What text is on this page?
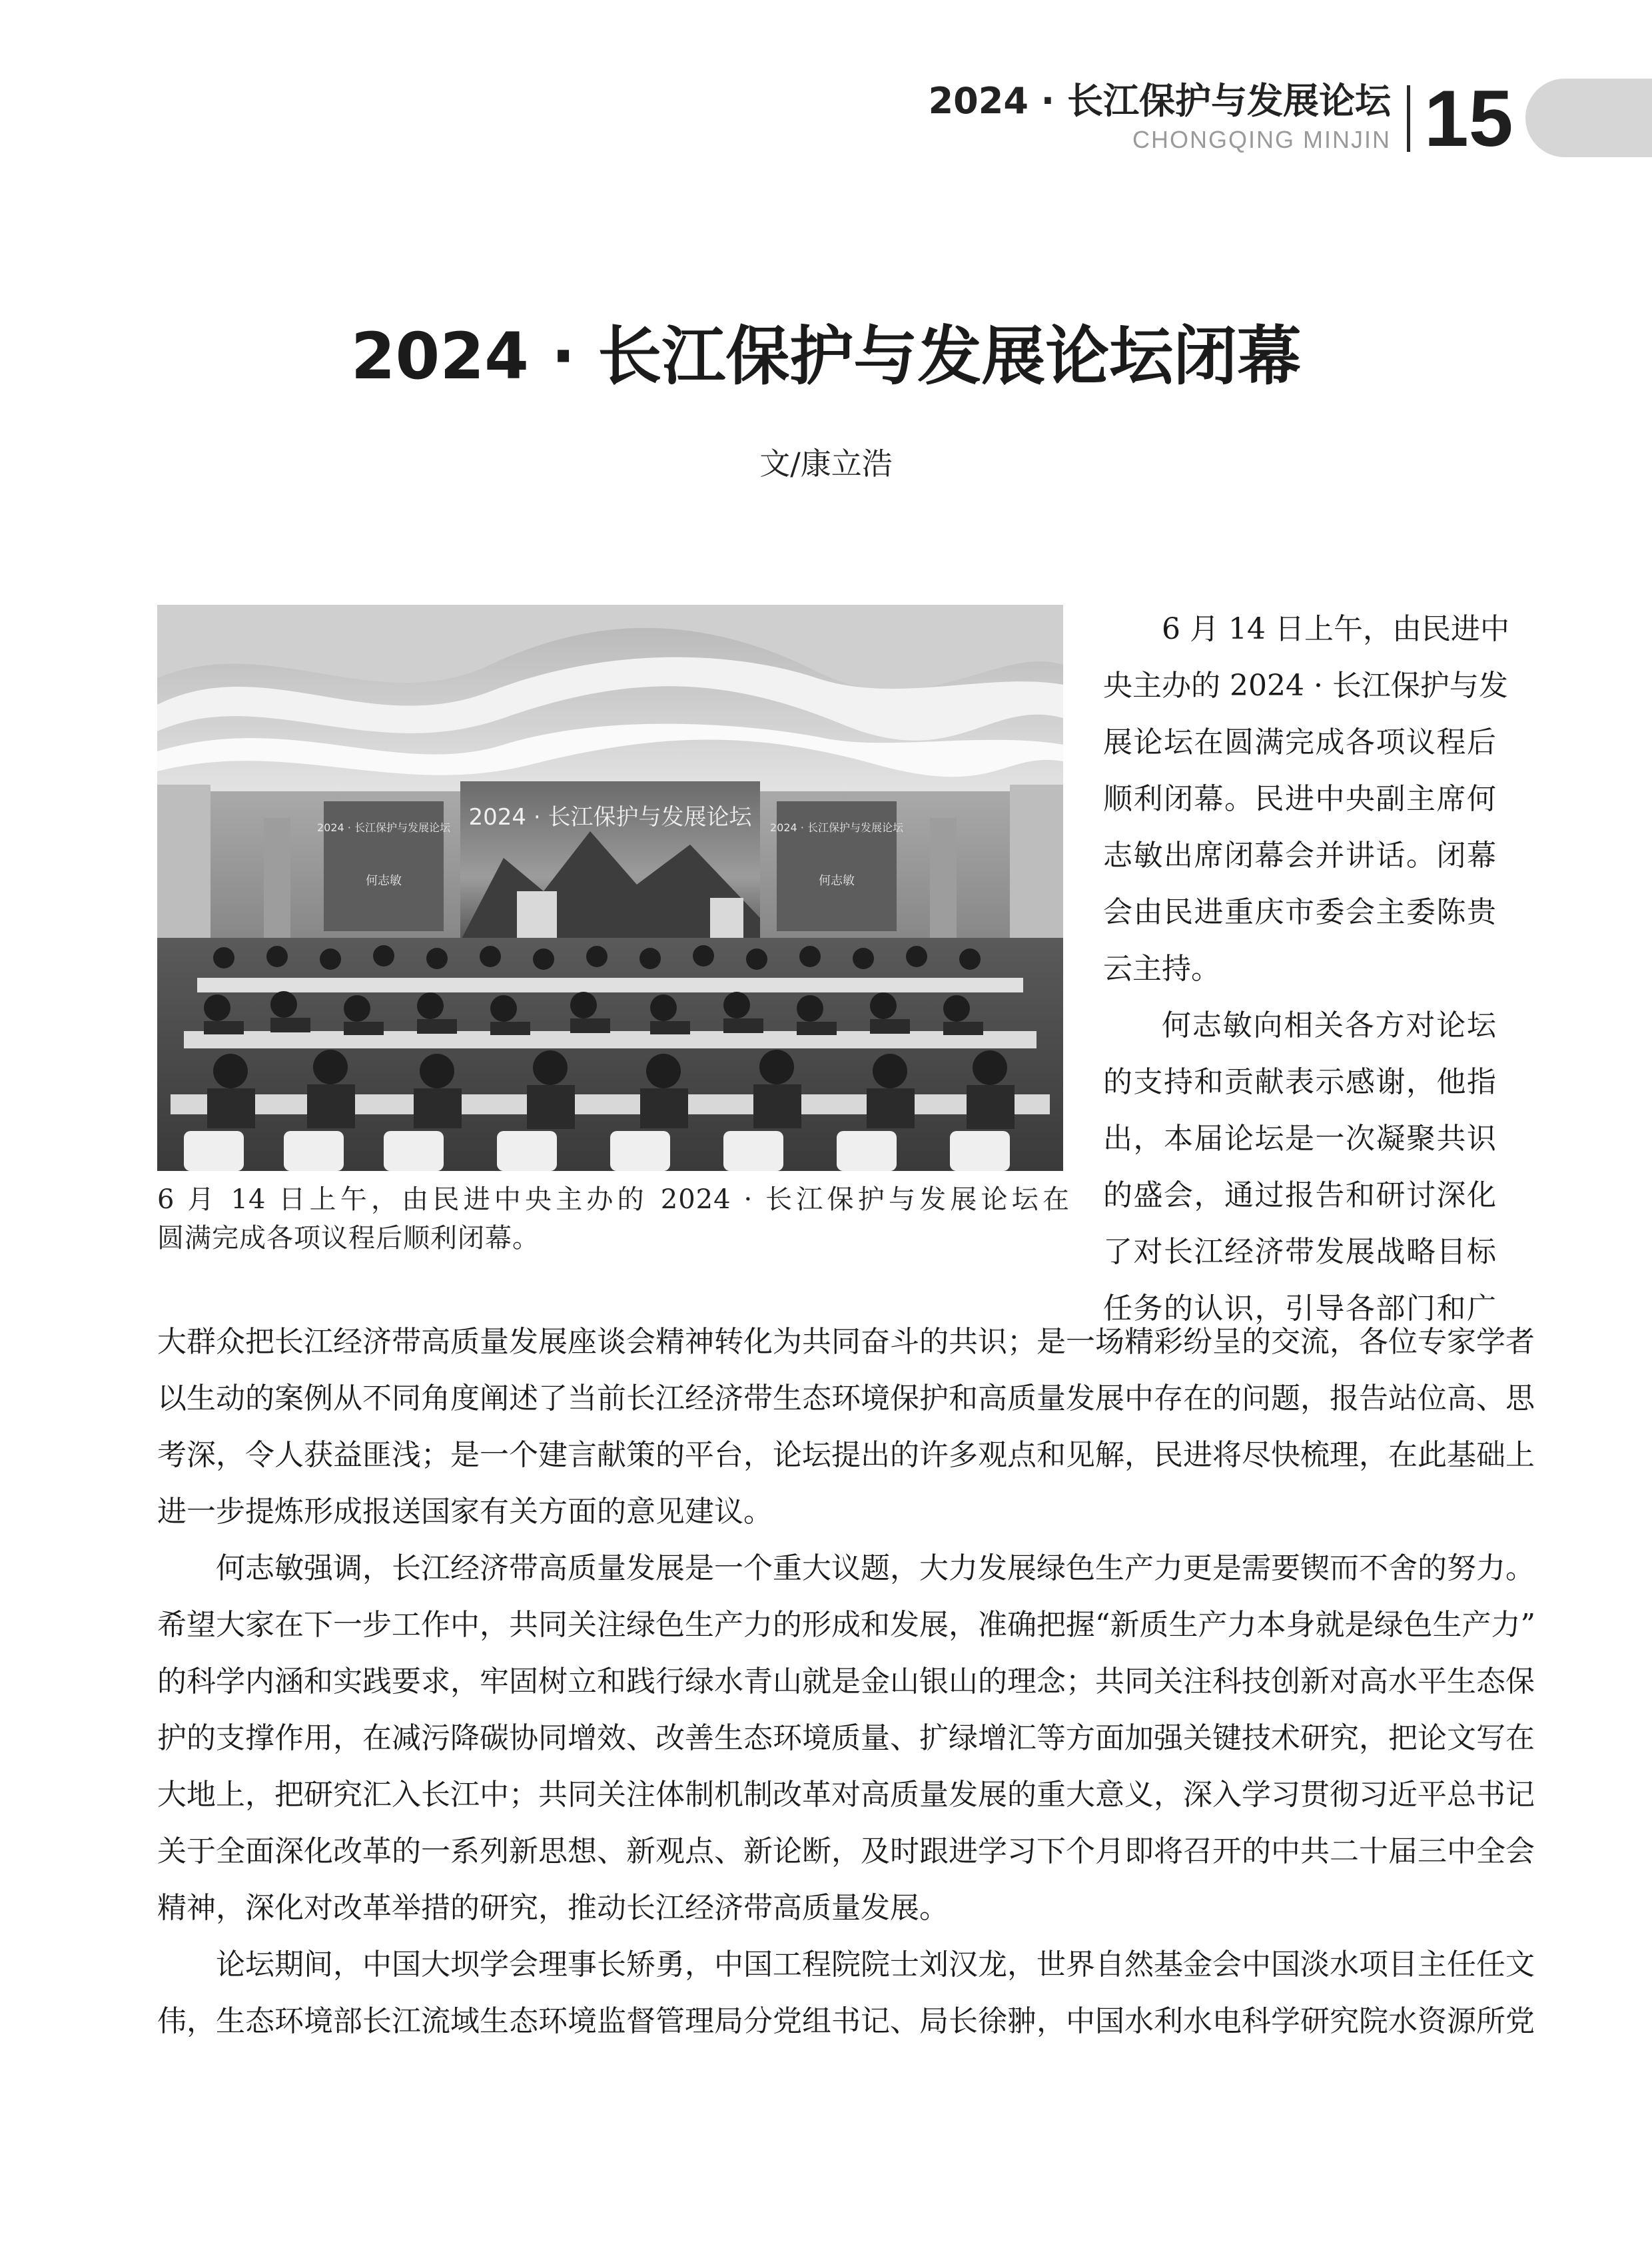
2024 · 长江保护与发展论坛
CHONGQING MINJIN 15
2024 · 长江保护与发展论坛闭幕
文/康立浩
2024 · 长江保护与发展论坛
何志敏
2024 · 长江保护与发展论坛 2024 · 长江保护与发展论坛
何志敏
6 月 14 日上午，由民进中央主办的 2024 · 长江保护与发展论坛在
圆满完成各项议程后顺利闭幕。
6 月 14 日上午，由民进中
央主办的 2024 · 长江保护与发
展论坛在圆满完成各项议程后
顺利闭幕。民进中央副主席何
志敏出席闭幕会并讲话。闭幕
会由民进重庆市委会主委陈贵
云主持。
何志敏向相关各方对论坛
的支持和贡献表示感谢，他指
出，本届论坛是一次凝聚共识
的盛会，通过报告和研讨深化
了对长江经济带发展战略目标
任务的认识，引导各部门和广
大群众把长江经济带高质量发展座谈会精神转化为共同奋斗的共识；是一场精彩纷呈的交流，各位专家学者
以生动的案例从不同角度阐述了当前长江经济带生态环境保护和高质量发展中存在的问题，报告站位高、思
考深，令人获益匪浅；是一个建言献策的平台，论坛提出的许多观点和见解，民进将尽快梳理，在此基础上
进一步提炼形成报送国家有关方面的意见建议。
何志敏强调，长江经济带高质量发展是一个重大议题，大力发展绿色生产力更是需要锲而不舍的努力。
希望大家在下一步工作中，共同关注绿色生产力的形成和发展，准确把握“新质生产力本身就是绿色生产力”
的科学内涵和实践要求，牢固树立和践行绿水青山就是金山银山的理念；共同关注科技创新对高水平生态保
护的支撑作用，在减污降碳协同增效、改善生态环境质量、扩绿增汇等方面加强关键技术研究，把论文写在
大地上，把研究汇入长江中；共同关注体制机制改革对高质量发展的重大意义，深入学习贯彻习近平总书记
关于全面深化改革的一系列新思想、新观点、新论断，及时跟进学习下个月即将召开的中共二十届三中全会
精神，深化对改革举措的研究，推动长江经济带高质量发展。
论坛期间，中国大坝学会理事长矫勇，中国工程院院士刘汉龙，世界自然基金会中国淡水项目主任任文
伟，生态环境部长江流域生态环境监督管理局分党组书记、局长徐翀，中国水利水电科学研究院水资源所党
